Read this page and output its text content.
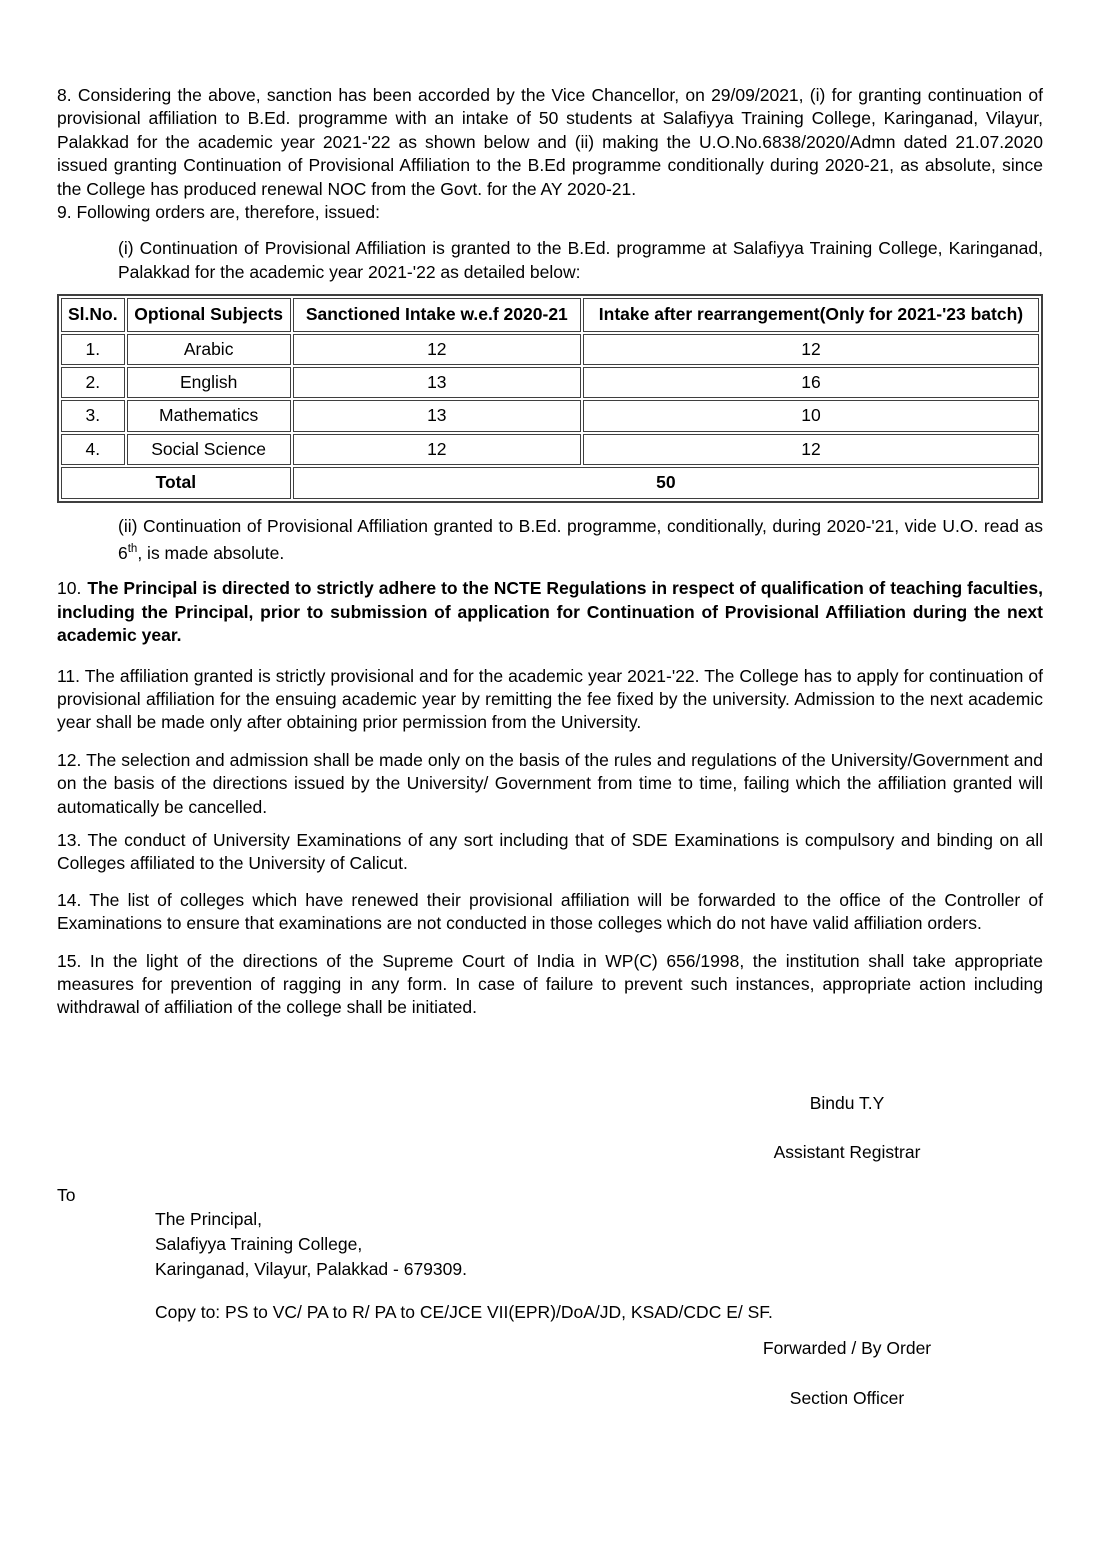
8. Considering the above, sanction has been accorded by the Vice Chancellor, on 29/09/2021, (i) for granting continuation of provisional affiliation to B.Ed. programme with an intake of 50 students at Salafiyya Training College, Karinganad, Vilayur, Palakkad for the academic year 2021-'22 as shown below and (ii) making the U.O.No.6838/2020/Admn dated 21.07.2020 issued granting Continuation of Provisional Affiliation to the B.Ed programme conditionally during 2020-21, as absolute, since the College has produced renewal NOC from the Govt. for the AY 2020-21.
9. Following orders are, therefore, issued:
(i) Continuation of Provisional Affiliation is granted to the B.Ed. programme at Salafiyya Training College, Karinganad, Palakkad for the academic year 2021-'22 as detailed below:
Sl.No.	Optional Subjects	Sanctioned Intake w.e.f 2020-21	Intake after rearrangement(Only for 2021-'23 batch)
1.	Arabic	12	12
2.	English	13	16
3.	Mathematics	13	10
4.	Social Science	12	12
Total		50	
(ii) Continuation of Provisional Affiliation granted to B.Ed. programme, conditionally, during 2020-'21, vide U.O. read as 6th, is made absolute.
10. The Principal is directed to strictly adhere to the NCTE Regulations in respect of qualification of teaching faculties, including the Principal, prior to submission of application for Continuation of Provisional Affiliation during the next academic year.
11. The affiliation granted is strictly provisional and for the academic year 2021-'22. The College has to apply for continuation of provisional affiliation for the ensuing academic year by remitting the fee fixed by the university. Admission to the next academic year shall be made only after obtaining prior permission from the University.
12. The selection and admission shall be made only on the basis of the rules and regulations of the University/Government and on the basis of the directions issued by the University/ Government from time to time, failing which the affiliation granted will automatically be cancelled.
13. The conduct of University Examinations of any sort including that of SDE Examinations is compulsory and binding on all Colleges affiliated to the University of Calicut.
14. The list of colleges which have renewed their provisional affiliation will be forwarded to the office of the Controller of Examinations to ensure that examinations are not conducted in those colleges which do not have valid affiliation orders.
15. In the light of the directions of the Supreme Court of India in WP(C) 656/1998, the institution shall take appropriate measures for prevention of ragging in any form. In case of failure to prevent such instances, appropriate action including withdrawal of affiliation of the college shall be initiated.
Bindu T.Y
Assistant Registrar
To
The Principal,
Salafiyya Training College,
Karinganad, Vilayur, Palakkad - 679309.
Copy to: PS to VC/ PA to R/ PA to CE/JCE VII(EPR)/DoA/JD, KSAD/CDC E/ SF.
Forwarded / By Order
Section Officer
